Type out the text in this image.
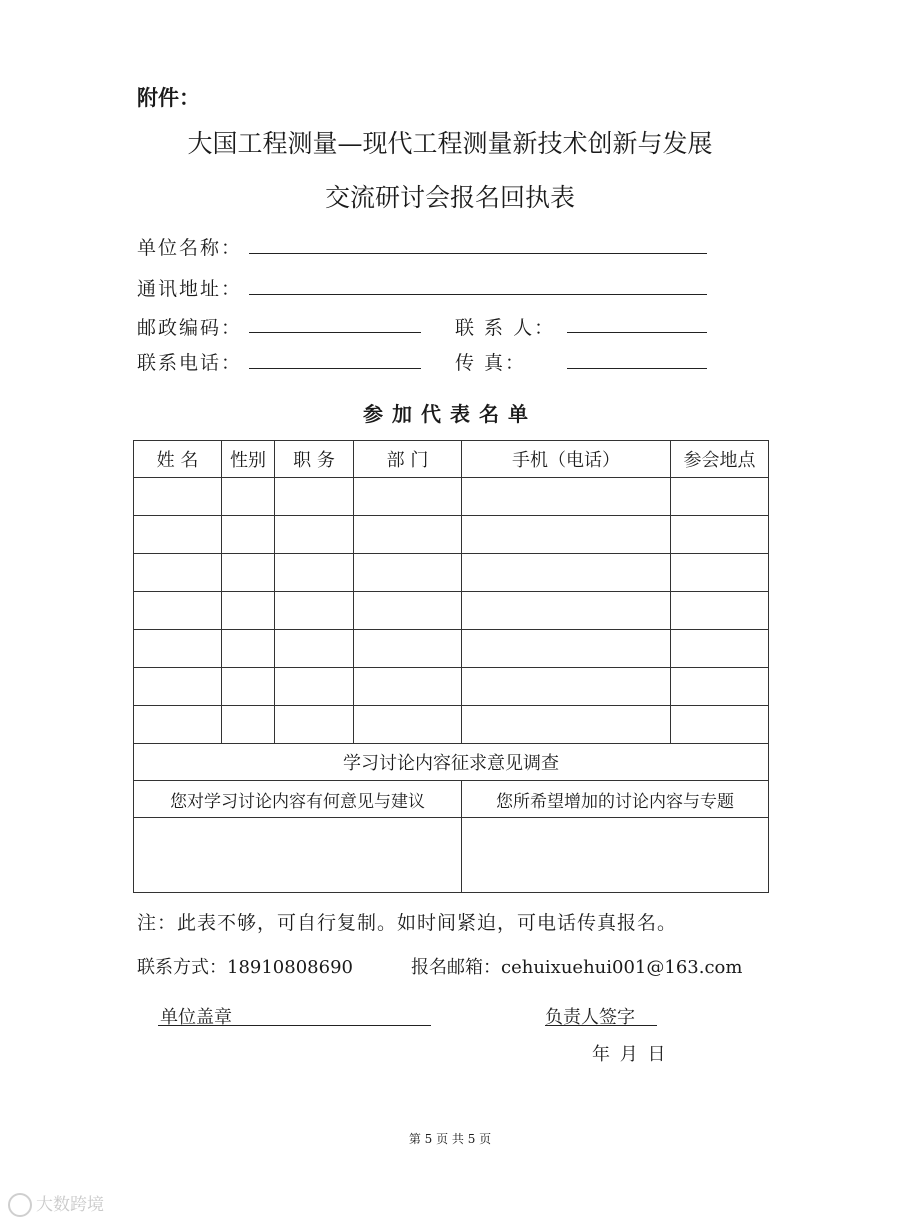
附件：
大国工程测量—现代工程测量新技术创新与发展
交流研讨会报名回执表
单位名称：
通讯地址：
邮政编码：	联 系 人：
联系电话：	传 真：
参加代表名单
姓 名	性别	职 务	部 门	手机（电话）	参会地点

学习讨论内容征求意见调查					
您对学习讨论内容有何意见与建议				您所希望增加的讨论内容与专题	

注：此表不够，可自行复制。如时间紧迫，可电话传真报名。
联系方式：18910808690	报名邮箱：cehuixuehui001@163.com
单位盖章	负责人签字
年 月 日
第 5 页 共 5 页
大数跨境
